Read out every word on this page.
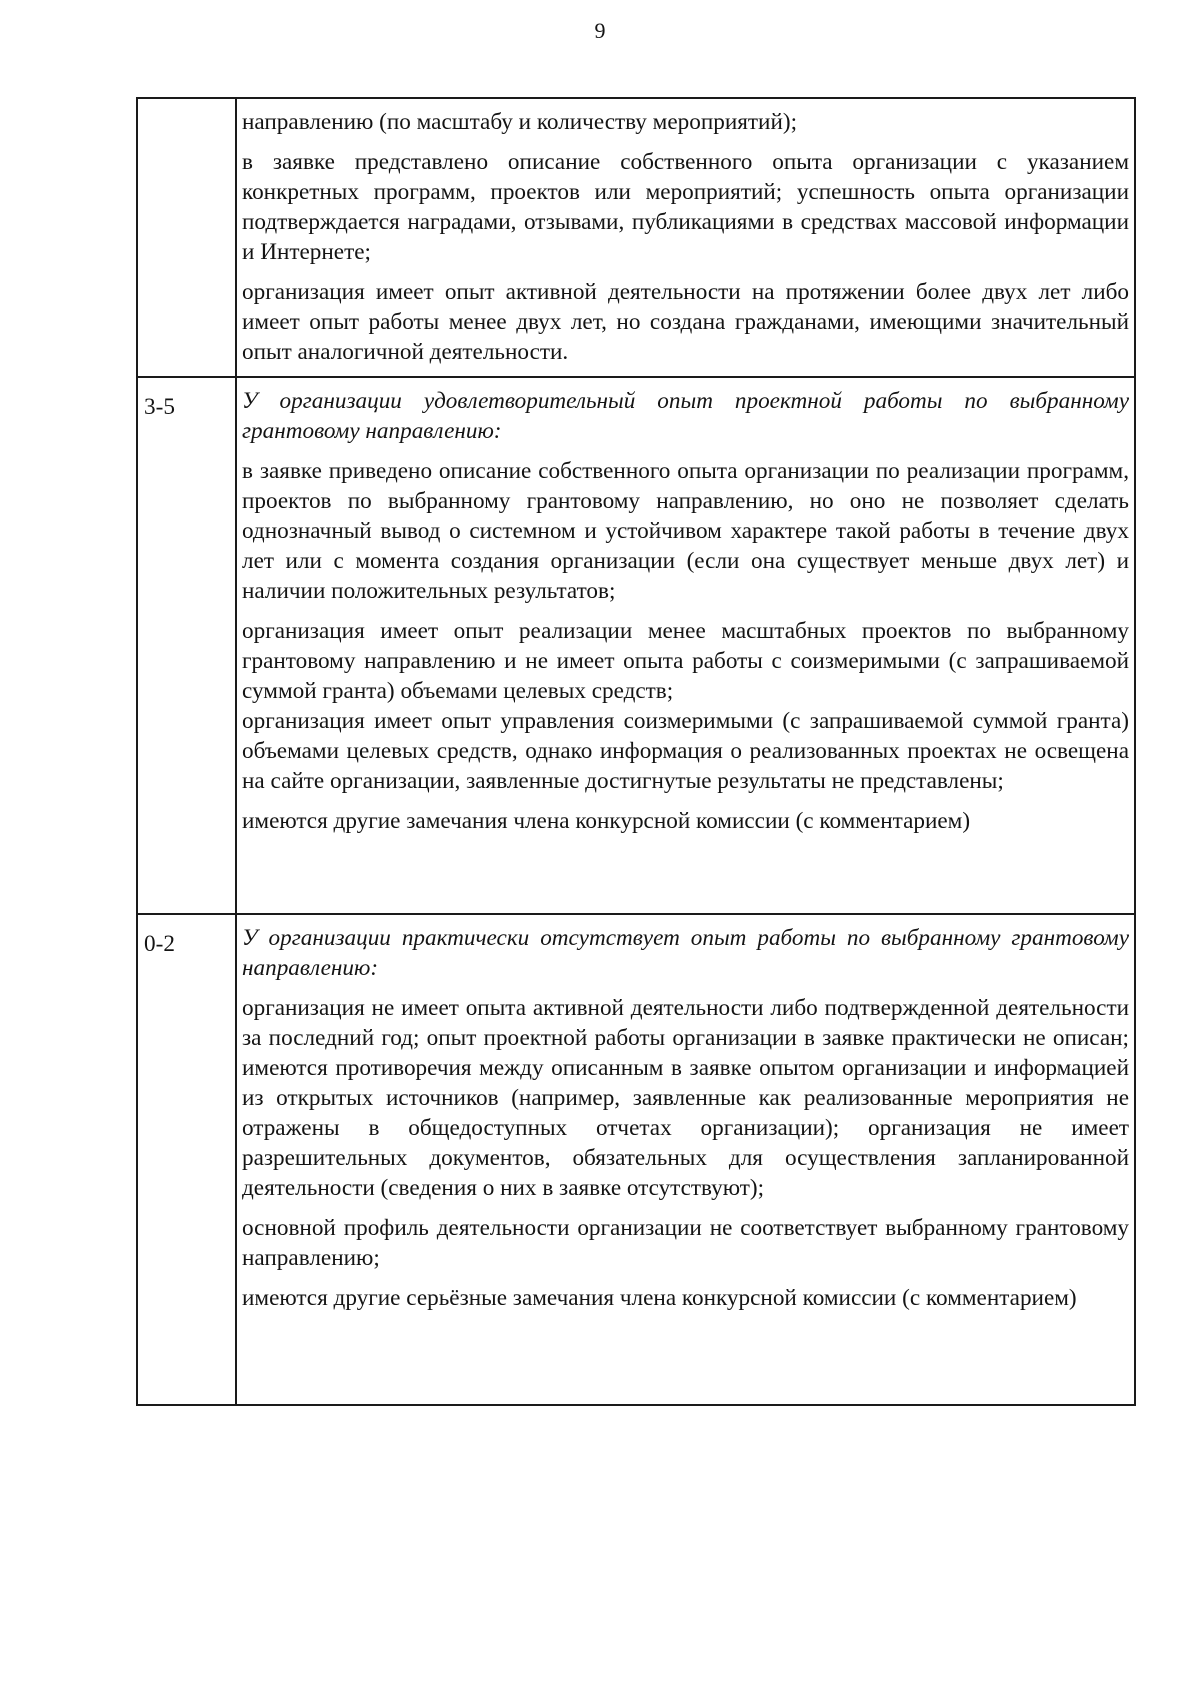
9

	направлению (по масштабу и количеству мероприятий);

в заявке представлено описание собственного опыта организации с указанием конкретных программ, проектов или мероприятий; успешность опыта организации подтверждается наградами, отзывами, публикациями в средствах массовой информации и Интернете;

организация имеет опыт активной деятельности на протяжении более двух лет либо имеет опыт работы менее двух лет, но создана гражданами, имеющими значительный опыт аналогичной деятельности.

3-5	У организации удовлетворительный опыт проектной работы по выбранному грантовому направлению:

в заявке приведено описание собственного опыта организации по реализации программ, проектов по выбранному грантовому направлению, но оно не позволяет сделать однозначный вывод о системном и устойчивом характере такой работы в течение двух лет или с момента создания организации (если она существует меньше двух лет) и наличии положительных результатов;

организация имеет опыт реализации менее масштабных проектов по выбранному грантовому направлению и не имеет опыта работы с соизмеримыми (с запрашиваемой суммой гранта) объемами целевых средств;

организация имеет опыт управления соизмеримыми (с запрашиваемой суммой гранта) объемами целевых средств, однако информация о реализованных проектах не освещена на сайте организации, заявленные достигнутые результаты не представлены;

имеются другие замечания члена конкурсной комиссии (с комментарием)

0-2	У организации практически отсутствует опыт работы по выбранному грантовому направлению:

организация не имеет опыта активной деятельности либо подтвержденной деятельности за последний год; опыт проектной работы организации в заявке практически не описан; имеются противоречия между описанным в заявке опытом организации и информацией из открытых источников (например, заявленные как реализованные мероприятия не отражены в общедоступных отчетах организации); организация не имеет разрешительных документов, обязательных для осуществления запланированной деятельности (сведения о них в заявке отсутствуют);

основной профиль деятельности организации не соответствует выбранному грантовому направлению;

имеются другие серьёзные замечания члена конкурсной комиссии (с комментарием)
